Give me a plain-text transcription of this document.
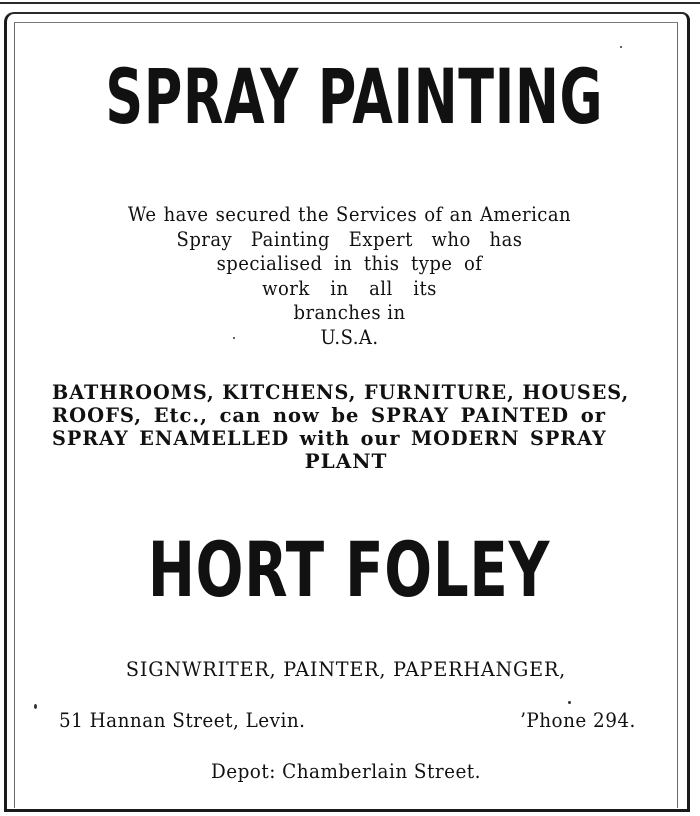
SPRAY PAINTING
We have secured the Services of an American
Spray Painting Expert who has
specialised in this type of
work in all its
branches in
U.S.A.
BATHROOMS, KITCHENS, FURNITURE, HOUSES,
ROOFS, Etc., can now be SPRAY PAINTED or
SPRAY ENAMELLED with our MODERN SPRAY
PLANT
HORT FOLEY
SIGNWRITER, PAINTER, PAPERHANGER,
51 Hannan Street, Levin.	’Phone 294.
Depot: Chamberlain Street.
